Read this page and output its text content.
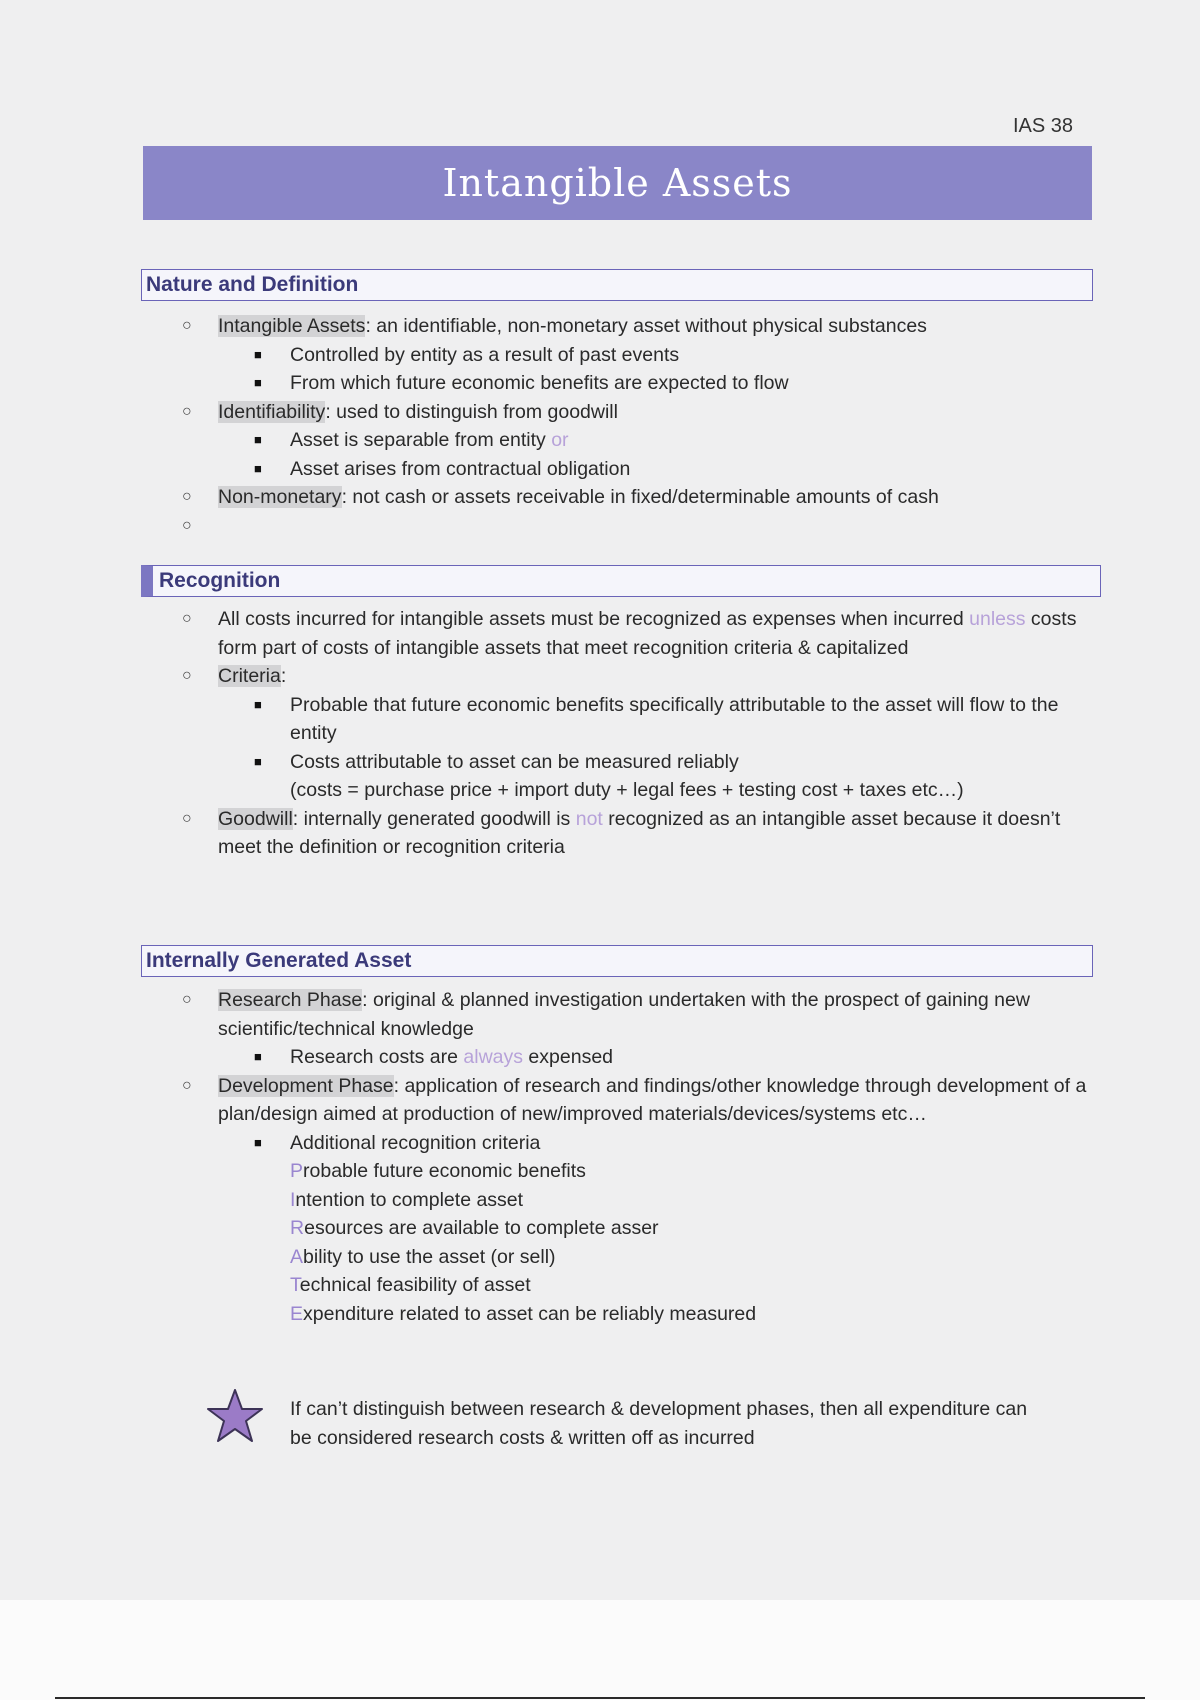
IAS 38
Intangible Assets
Nature and Definition
○ Intangible Assets: an identifiable, non-monetary asset without physical substances
■ Controlled by entity as a result of past events
■ From which future economic benefits are expected to flow
○ Identifiability: used to distinguish from goodwill
■ Asset is separable from entity or
■ Asset arises from contractual obligation
○ Non-monetary: not cash or assets receivable in fixed/determinable amounts of cash
○

Recognition
○ All costs incurred for intangible assets must be recognized as expenses when incurred unless costs form part of costs of intangible assets that meet recognition criteria & capitalized
○ Criteria:
■ Probable that future economic benefits specifically attributable to the asset will flow to the entity
■ Costs attributable to asset can be measured reliably
(costs = purchase price + import duty + legal fees + testing cost + taxes etc…)
○ Goodwill: internally generated goodwill is not recognized as an intangible asset because it doesn’t meet the definition or recognition criteria
Internally Generated Asset
○ Research Phase: original & planned investigation undertaken with the prospect of gaining new scientific/technical knowledge
■ Research costs are always expensed
○ Development Phase: application of research and findings/other knowledge through development of a plan/design aimed at production of new/improved materials/devices/systems etc…
■ Additional recognition criteria
Probable future economic benefits
Intention to complete asset
Resources are available to complete asser
Ability to use the asset (or sell)
Technical feasibility of asset
Expenditure related to asset can be reliably measured
If can’t distinguish between research & development phases, then all expenditure can be considered research costs & written off as incurred
